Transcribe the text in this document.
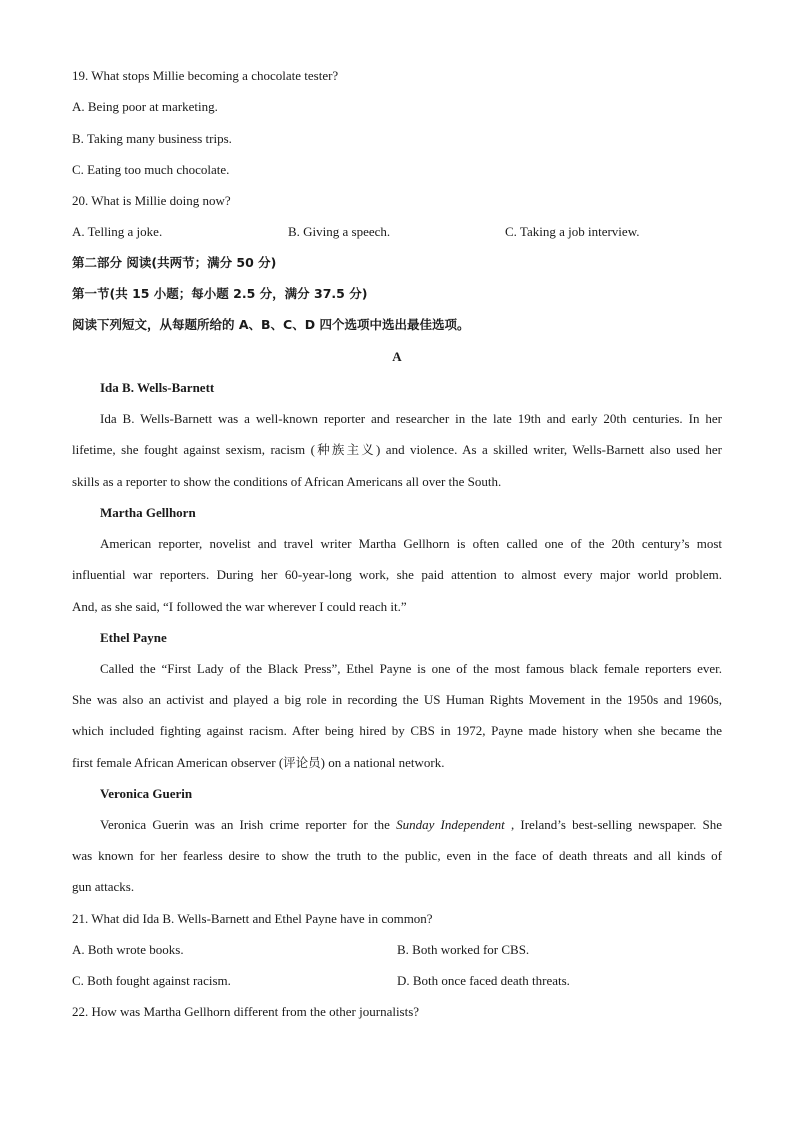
19. What stops Millie becoming a chocolate tester?
A. Being poor at marketing.
B. Taking many business trips.
C. Eating too much chocolate.
20. What is Millie doing now?
A. Telling a joke.	B. Giving a speech.	C. Taking a job interview.
第二部分 阅读(共两节；满分 50 分)
第一节(共 15 小题；每小题 2.5 分，满分 37.5 分)
阅读下列短文，从每题所给的 A、B、C、D 四个选项中选出最佳选项。
A
Ida B. Wells-Barnett
Ida B. Wells-Barnett was a well-known reporter and researcher in the late 19th and early 20th centuries. In her
lifetime, she fought against sexism, racism (种族主义) and violence. As a skilled writer, Wells-Barnett also used her
skills as a reporter to show the conditions of African Americans all over the South.
Martha Gellhorn
American reporter, novelist and travel writer Martha Gellhorn is often called one of the 20th century’s most
influential war reporters. During her 60-year-long work, she paid attention to almost every major world problem.
And, as she said, “I followed the war wherever I could reach it.”
Ethel Payne
Called the “First Lady of the Black Press”, Ethel Payne is one of the most famous black female reporters ever.
She was also an activist and played a big role in recording the US Human Rights Movement in the 1950s and 1960s,
which included fighting against racism. After being hired by CBS in 1972, Payne made history when she became the
first female African American observer (评论员) on a national network.
Veronica Guerin
Veronica Guerin was an Irish crime reporter for the Sunday Independent , Ireland’s best-selling newspaper. She
was known for her fearless desire to show the truth to the public, even in the face of death threats and all kinds of
gun attacks.
21. What did Ida B. Wells-Barnett and Ethel Payne have in common?
A. Both wrote books.	B. Both worked for CBS.
C. Both fought against racism.	D. Both once faced death threats.
22. How was Martha Gellhorn different from the other journalists?
